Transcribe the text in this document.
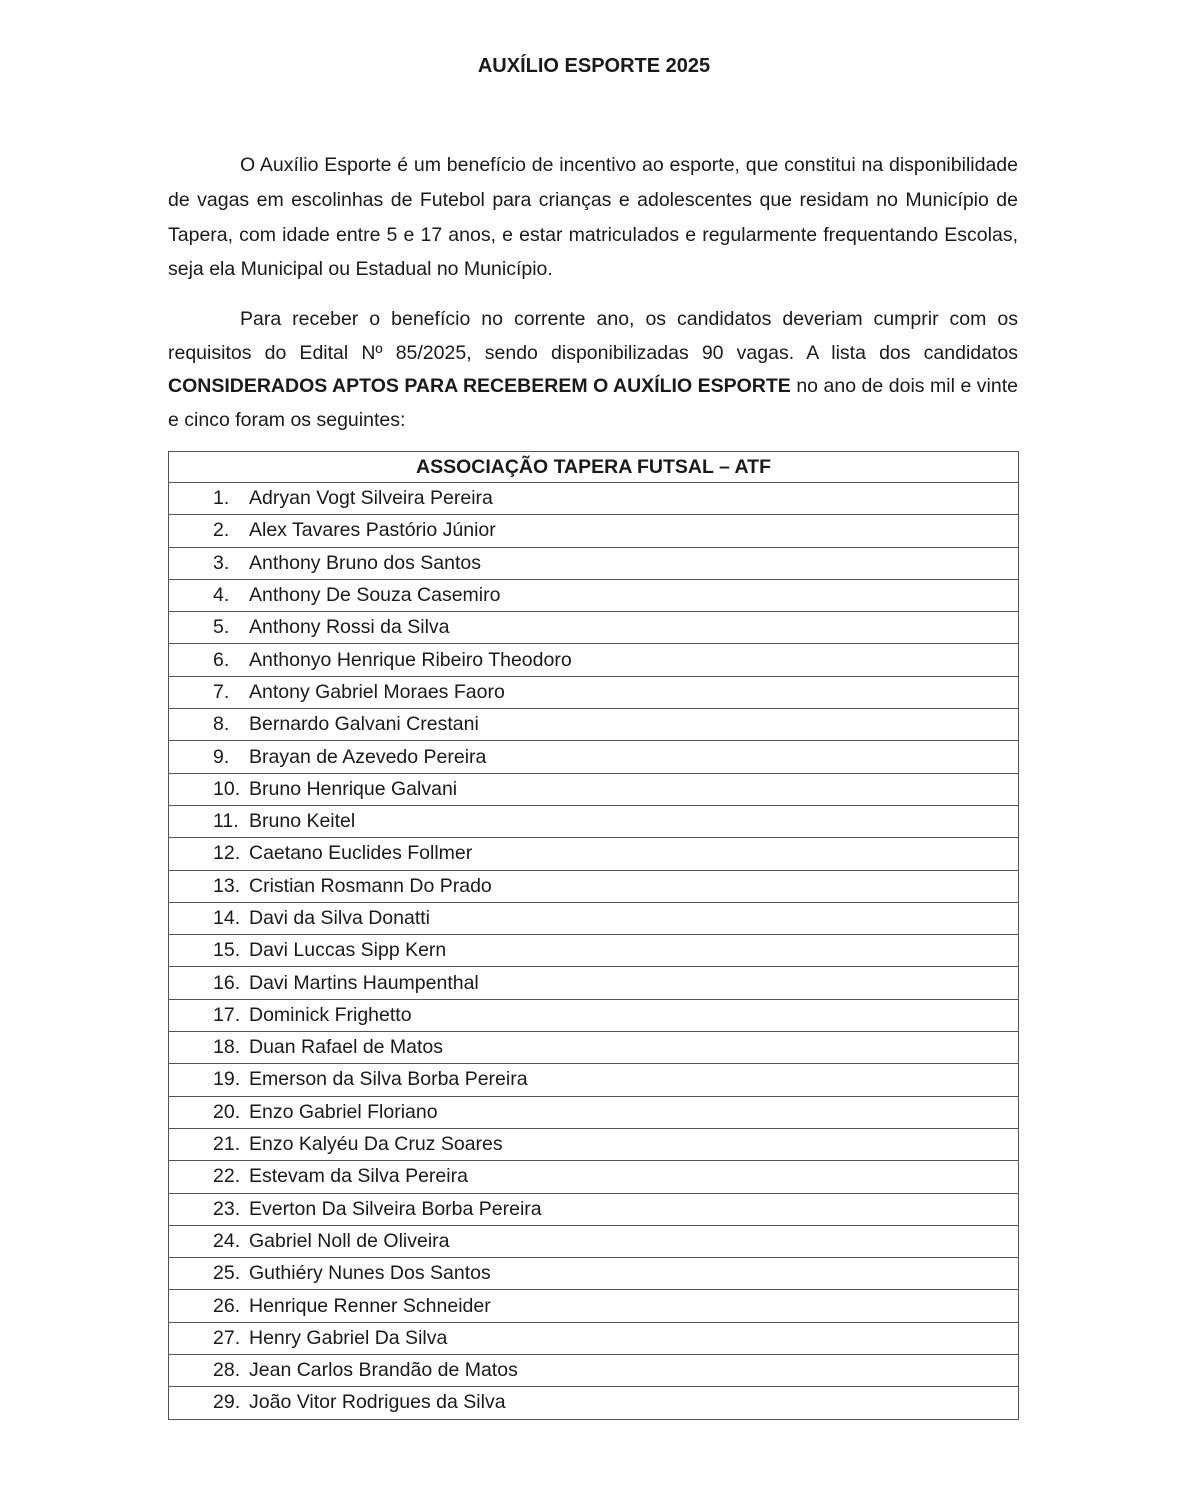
AUXÍLIO ESPORTE 2025
O Auxílio Esporte é um benefício de incentivo ao esporte, que constitui na disponibilidade de vagas em escolinhas de Futebol para crianças e adolescentes que residam no Município de Tapera, com idade entre 5 e 17 anos, e estar matriculados e regularmente frequentando Escolas, seja ela Municipal ou Estadual no Município.
Para receber o benefício no corrente ano, os candidatos deveriam cumprir com os requisitos do Edital Nº 85/2025, sendo disponibilizadas 90 vagas. A lista dos candidatos CONSIDERADOS APTOS PARA RECEBEREM O AUXÍLIO ESPORTE no ano de dois mil e vinte e cinco foram os seguintes:
ASSOCIAÇÃO TAPERA FUTSAL – ATF
1. Adryan Vogt Silveira Pereira
2. Alex Tavares Pastório Júnior
3. Anthony Bruno dos Santos
4. Anthony De Souza Casemiro
5. Anthony Rossi da Silva
6. Anthonyo Henrique Ribeiro Theodoro
7. Antony Gabriel Moraes Faoro
8. Bernardo Galvani Crestani
9. Brayan de Azevedo Pereira
10. Bruno Henrique Galvani
11. Bruno Keitel
12. Caetano Euclides Follmer
13. Cristian Rosmann Do Prado
14. Davi da Silva Donatti
15. Davi Luccas Sipp Kern
16. Davi Martins Haumpenthal
17. Dominick Frighetto
18. Duan Rafael de Matos
19. Emerson da Silva Borba Pereira
20. Enzo Gabriel Floriano
21. Enzo Kalyéu Da Cruz Soares
22. Estevam da Silva Pereira
23. Everton Da Silveira Borba Pereira
24. Gabriel Noll de Oliveira
25. Guthiéry Nunes Dos Santos
26. Henrique Renner Schneider
27. Henry Gabriel Da Silva
28. Jean Carlos Brandão de Matos
29. João Vitor Rodrigues da Silva
